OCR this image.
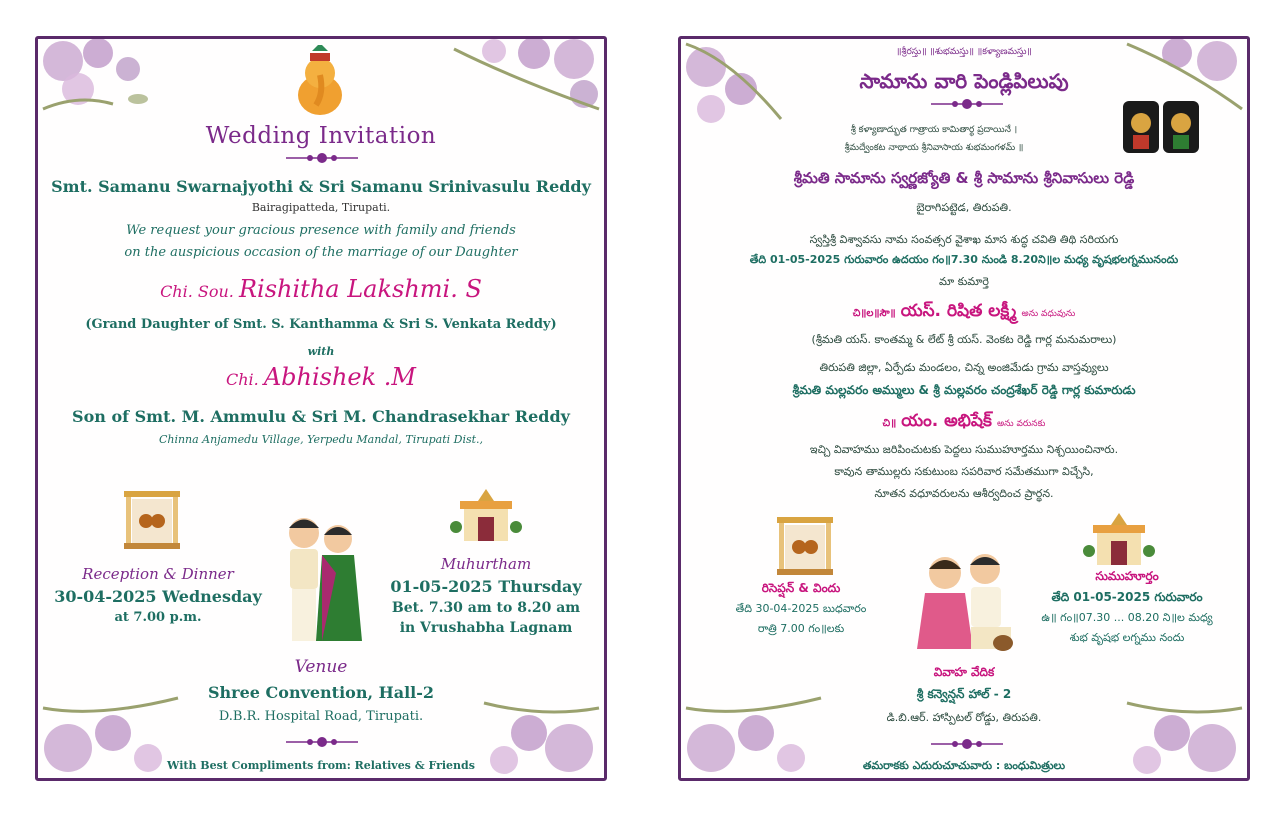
Wedding Invitation
Smt. Samanu Swarnajyothi & Sri Samanu Srinivasulu Reddy
Bairagipatteda, Tirupati.
We request your gracious presence with family and friends
on the auspicious occasion of the marriage of our Daughter
Chi. Sou. Rishitha Lakshmi. S
(Grand Daughter of Smt. S. Kanthamma & Sri S. Venkata Reddy)
with
Chi. Abhishek .M
Son of Smt. M. Ammulu & Sri M. Chandrasekhar Reddy
Chinna Anjamedu Village, Yerpedu Mandal, Tirupati Dist.,
Reception & Dinner
30-04-2025 Wednesday
at 7.00 p.m.
Muhurtham
01-05-2025 Thursday
Bet. 7.30 am to 8.20 am
in Vrushabha Lagnam
Venue
Shree Convention, Hall-2
D.B.R. Hospital Road, Tirupati.
With Best Compliments from: Relatives & Friends
॥శ్రీరస్తు॥ ॥శుభమస్తు॥ ॥కళ్యాణమస్తు॥
సామాను వారి పెండ్లిపిలుపు
శ్రీ కళ్యాణాద్భుత గాత్రాయ కామితార్థ ప్రదాయినే ।
శ్రీమద్వేంకట నాథాయ శ్రీనివాసాయ శుభమంగళమ్ ॥
శ్రీమతి సామాను స్వర్ణజ్యోతి & శ్రీ సామాను శ్రీనివాసులు రెడ్డి
బైరాగిపట్టెడ, తిరుపతి.
స్వస్తిశ్రీ విశ్వావసు నామ సంవత్సర వైశాఖ మాస శుద్ధ చవితి తిథి సరియగు
తేది 01-05-2025 గురువారం ఉదయం గం॥7.30 నుండి 8.20ని॥ల మధ్య వృషభలగ్నమునందు
మా కుమార్తె
చి॥ల॥సౌ॥ యస్. రిషిత లక్ష్మీ అను వధువును
(శ్రీమతి యస్. కాంతమ్మ & లేట్ శ్రీ యస్. వెంకట రెడ్డి గార్ల మనుమరాలు)
తిరుపతి జిల్లా, ఏర్పేడు మండలం, చిన్న అంజిమేడు గ్రామ వాస్తవ్యులు
శ్రీమతి మల్లవరం అమ్ములు & శ్రీ మల్లవరం చంద్రశేఖర్ రెడ్డి గార్ల కుమారుడు
చి॥ యం. అభిషేక్ అను వరునకు
ఇచ్చి వివాహము జరిపించుటకు పెద్దలు సుముహూర్తము నిశ్చయించినారు.
కావున తాముల్లరు సకుటుంబ సపరివార సమేతముగా విచ్చేసి,
నూతన వధూవరులను ఆశీర్వదించ ప్రార్థన.
రిసెప్షన్ & విందు
తేది 30-04-2025 బుధవారం
రాత్రి 7.00 గం॥లకు
సుముహూర్తం
తేది 01-05-2025 గురువారం
ఉ॥ గం॥07.30 ... 08.20 ని॥ల మధ్య
శుభ వృషభ లగ్నము నందు
వివాహ వేదిక
శ్రీ కన్వెన్షన్ హాల్ - 2
డి.బి.ఆర్. హాస్పిటల్ రోడ్డు, తిరుపతి.
తమరాకకు ఎదురుచూచువారు : బంధుమిత్రులు
